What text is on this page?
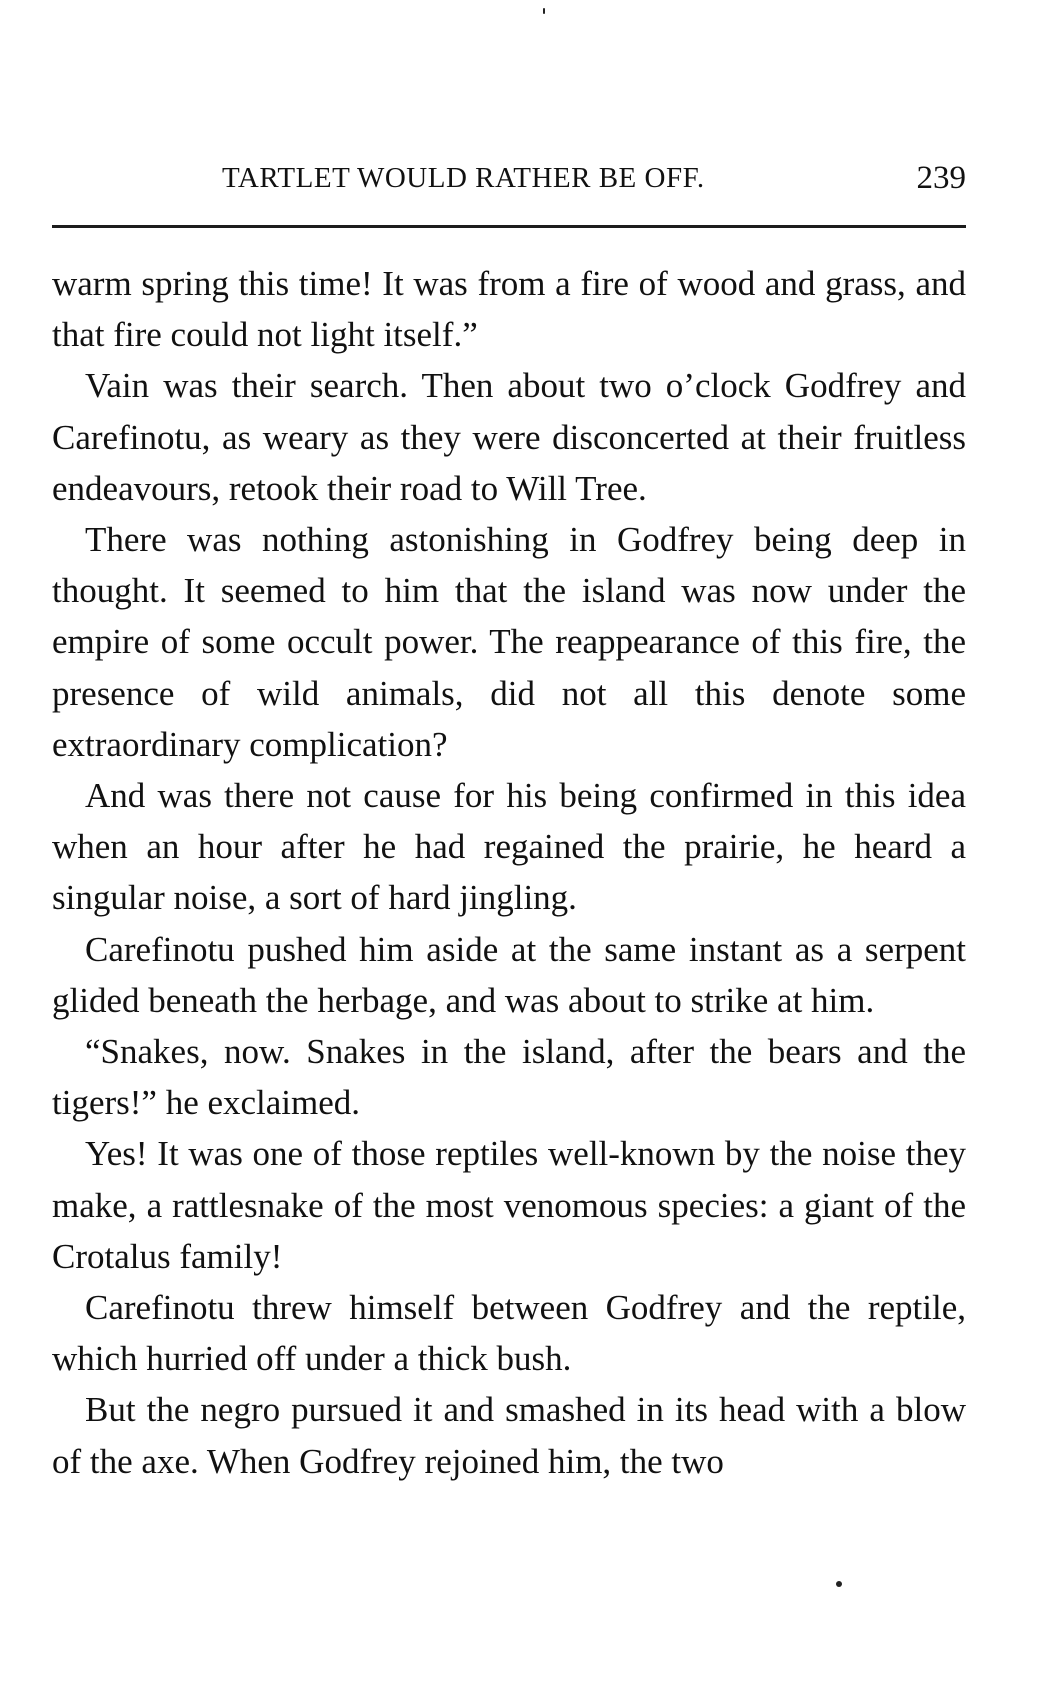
TARTLET WOULD RATHER BE OFF.	239

warm spring this time! It was from a fire of wood and grass, and that fire could not light itself.”

Vain was their search. Then about two o’clock Godfrey and Carefinotu, as weary as they were disconcerted at their fruitless endeavours, retook their road to Will Tree.

There was nothing astonishing in Godfrey being deep in thought. It seemed to him that the island was now under the empire of some occult power. The reappearance of this fire, the presence of wild animals, did not all this denote some extraordinary complication?

And was there not cause for his being confirmed in this idea when an hour after he had regained the prairie, he heard a singular noise, a sort of hard jingling.

Carefinotu pushed him aside at the same instant as a serpent glided beneath the herbage, and was about to strike at him.

“Snakes, now. Snakes in the island, after the bears and the tigers!” he exclaimed.

Yes! It was one of those reptiles well-known by the noise they make, a rattlesnake of the most venomous species: a giant of the Crotalus family!

Carefinotu threw himself between Godfrey and the reptile, which hurried off under a thick bush.

But the negro pursued it and smashed in its head with a blow of the axe. When Godfrey rejoined him, the two
